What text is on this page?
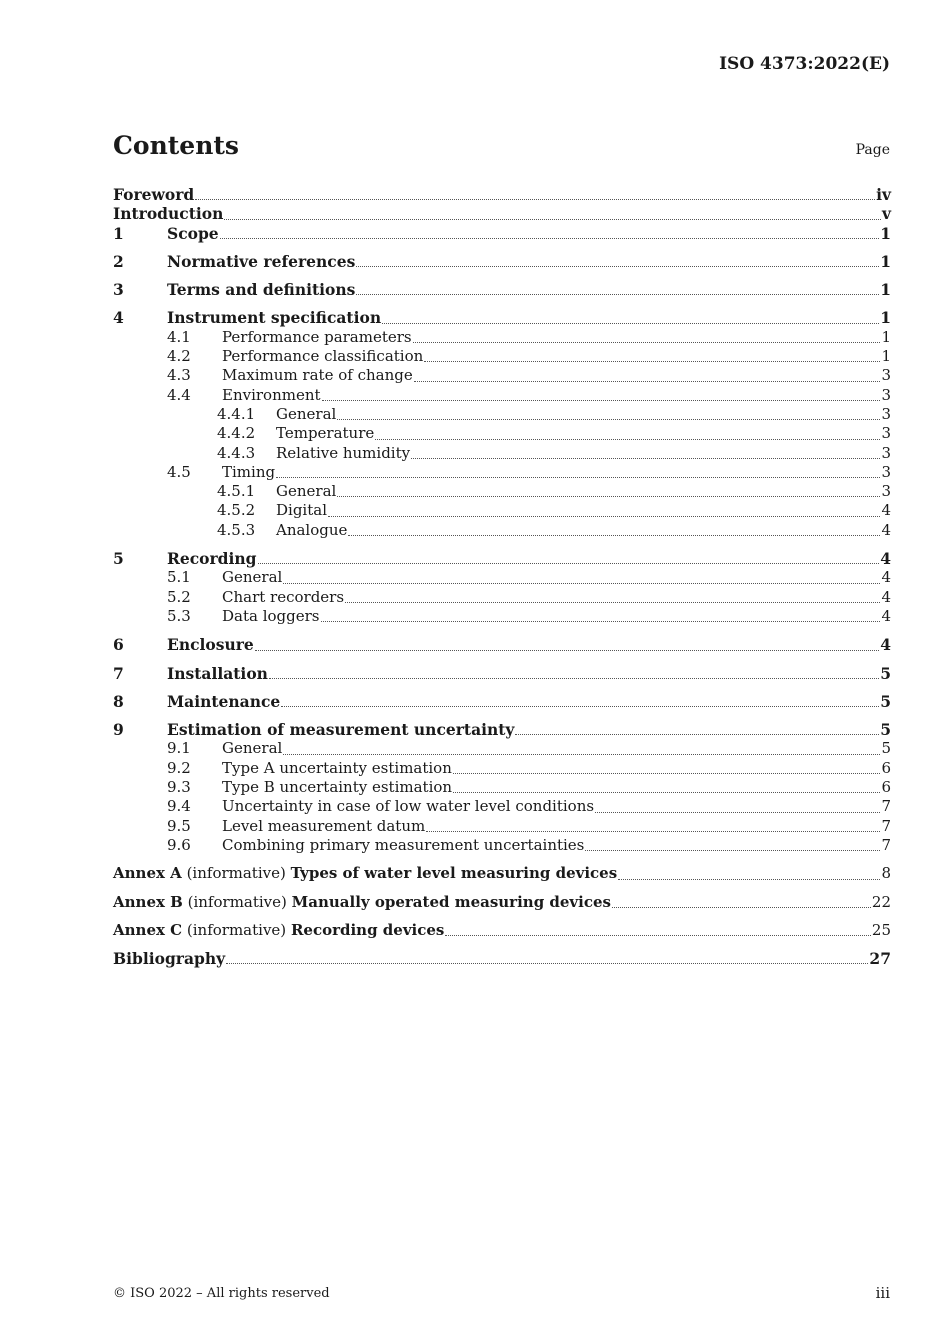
ISO 4373:2022(E)
Contents	Page
Foreword	iv
Introduction	v
1	Scope	1
2	Normative references	1
3	Terms and definitions	1
4	Instrument specification	1
4.1	Performance parameters	1
4.2	Performance classification	1
4.3	Maximum rate of change	3
4.4	Environment	3
4.4.1	General	3
4.4.2	Temperature	3
4.4.3	Relative humidity	3
4.5	Timing	3
4.5.1	General	3
4.5.2	Digital	4
4.5.3	Analogue	4
5	Recording	4
5.1	General	4
5.2	Chart recorders	4
5.3	Data loggers	4
6	Enclosure	4
7	Installation	5
8	Maintenance	5
9	Estimation of measurement uncertainty	5
9.1	General	5
9.2	Type A uncertainty estimation	6
9.3	Type B uncertainty estimation	6
9.4	Uncertainty in case of low water level conditions	7
9.5	Level measurement datum	7
9.6	Combining primary measurement uncertainties	7
Annex A (informative) Types of water level measuring devices	8
Annex B (informative) Manually operated measuring devices	22
Annex C (informative) Recording devices	25
Bibliography	27
© ISO 2022 – All rights reserved	iii
